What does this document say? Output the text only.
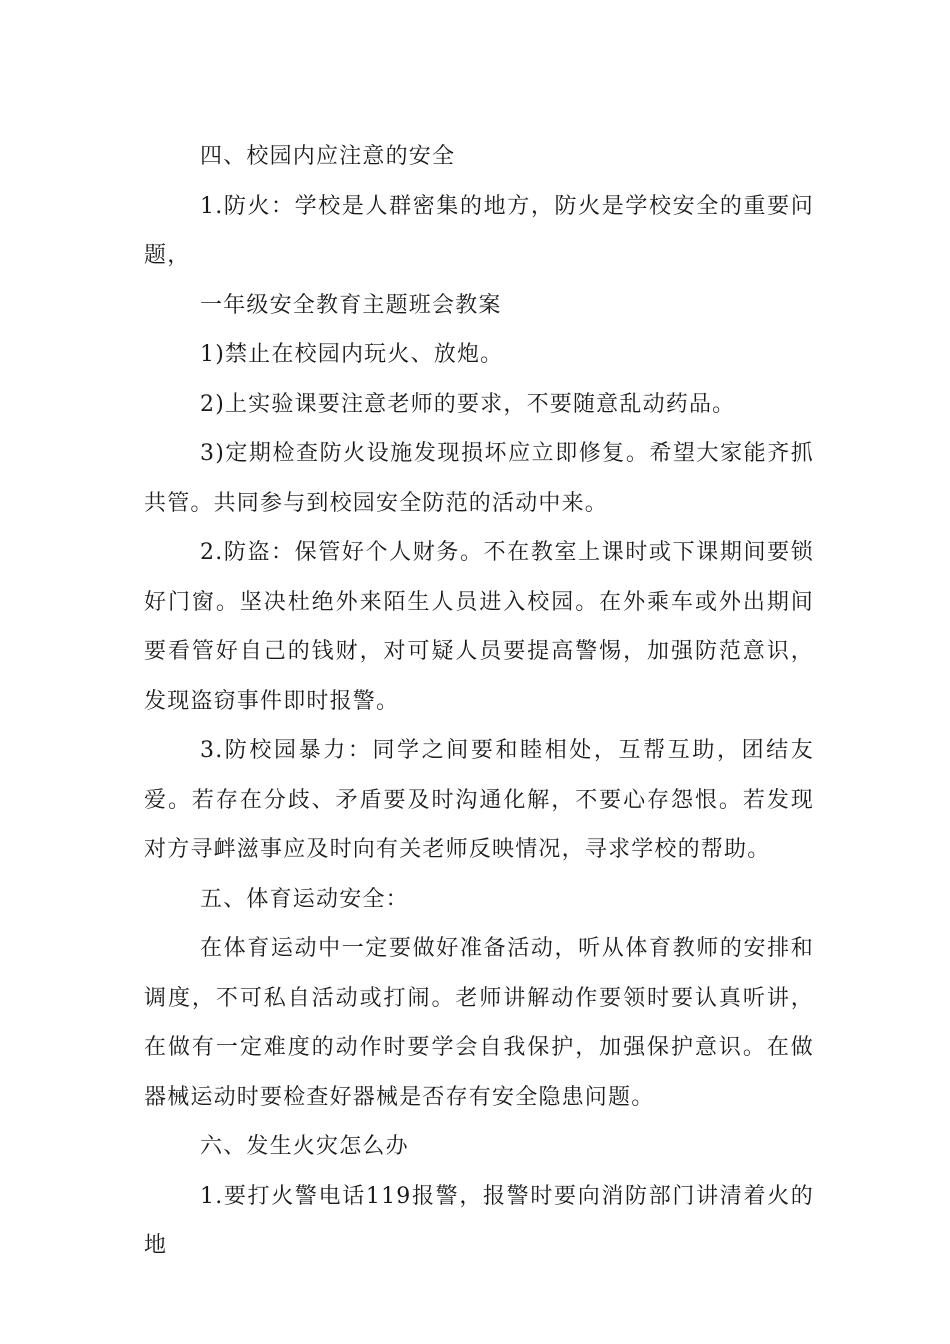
四、校园内应注意的安全

1.防火：学校是人群密集的地方，防火是学校安全的重要问题，

一年级安全教育主题班会教案

1)禁止在校园内玩火、放炮。

2)上实验课要注意老师的要求，不要随意乱动药品。

3)定期检查防火设施发现损坏应立即修复。希望大家能齐抓共管。共同参与到校园安全防范的活动中来。

2.防盗：保管好个人财务。不在教室上课时或下课期间要锁好门窗。坚决杜绝外来陌生人员进入校园。在外乘车或外出期间要看管好自己的钱财，对可疑人员要提高警惕，加强防范意识，发现盗窃事件即时报警。

3.防校园暴力：同学之间要和睦相处，互帮互助，团结友爱。若存在分歧、矛盾要及时沟通化解，不要心存怨恨。若发现对方寻衅滋事应及时向有关老师反映情况，寻求学校的帮助。

五、体育运动安全：

在体育运动中一定要做好准备活动，听从体育教师的安排和调度，不可私自活动或打闹。老师讲解动作要领时要认真听讲，在做有一定难度的动作时要学会自我保护，加强保护意识。在做器械运动时要检查好器械是否存有安全隐患问题。

六、发生火灾怎么办

1.要打火警电话119报警，报警时要向消防部门讲清着火的地
